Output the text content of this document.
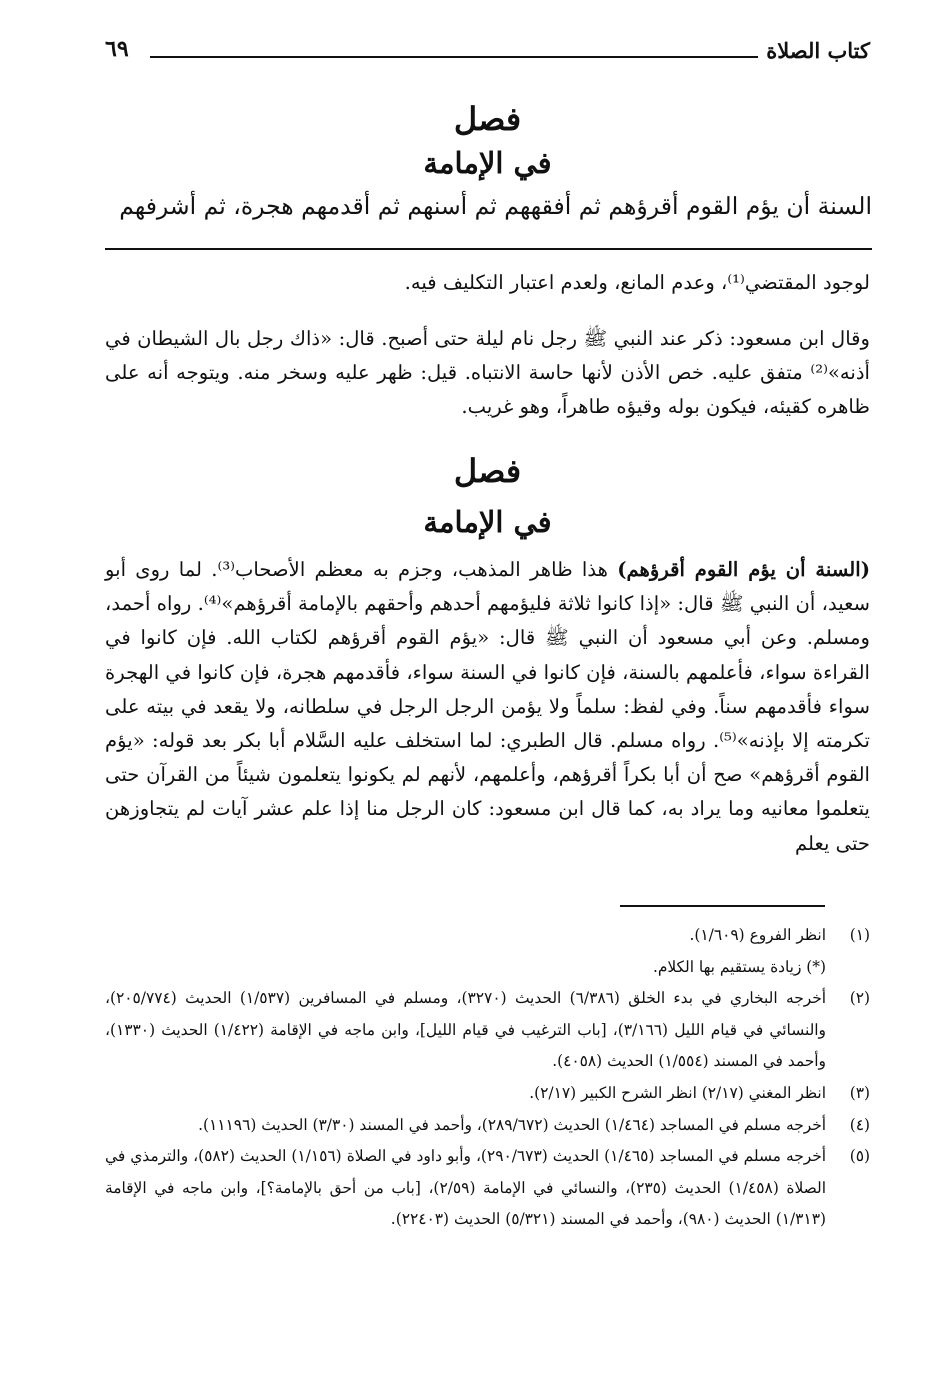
كتاب الصلاة
٦٩
فصل
في الإمامة
السنة أن يؤم القوم أقرؤهم ثم أفقههم ثم أسنهم ثم أقدمهم هجرة، ثم أشرفهم

لوجود المقتضي⁽¹⁾، وعدم المانع، ولعدم اعتبار التكليف فيه.

وقال ابن مسعود: ذكر عند النبي ﷺ رجل نام ليلة حتى أصبح. قال: «ذاك رجل بال الشيطان في أذنه»⁽²⁾ متفق عليه. خص الأذن لأنها حاسة الانتباه. قيل: ظهر عليه وسخر منه. ويتوجه أنه على ظاهره كقيئه، فيكون بوله وقيؤه طاهراً، وهو غريب.

فصل
في الإمامة

(السنة أن يؤم القوم أقرؤهم) هذا ظاهر المذهب، وجزم به معظم الأصحاب⁽³⁾. لما روى أبو سعيد، أن النبي ﷺ قال: «إذا كانوا ثلاثة فليؤمهم أحدهم وأحقهم بالإمامة أقرؤهم»⁽⁴⁾. رواه أحمد، ومسلم. وعن أبي مسعود أن النبي ﷺ قال: «يؤم القوم أقرؤهم لكتاب الله. فإن كانوا في القراءة سواء، فأعلمهم بالسنة، فإن كانوا في السنة سواء، فأقدمهم هجرة، فإن كانوا في الهجرة سواء فأقدمهم سناً. وفي لفظ: سلماً ولا يؤمن الرجل الرجل في سلطانه، ولا يقعد في بيته على تكرمته إلا بإذنه»⁽⁵⁾. رواه مسلم. قال الطبري: لما استخلف عليه السَّلام أبا بكر بعد قوله: «يؤم القوم أقرؤهم» صح أن أبا بكراً أقرؤهم، وأعلمهم، لأنهم لم يكونوا يتعلمون شيئاً من القرآن حتى يتعلموا معانيه وما يراد به، كما قال ابن مسعود: كان الرجل منا إذا علم عشر آيات لم يتجاوزهن حتى يعلم

(١)
انظر الفروع (١/٦٠٩).
(*) زيادة يستقيم بها الكلام.
(٢)
أخرجه البخاري في بدء الخلق (٦/٣٨٦) الحديث (٣٢٧٠)، ومسلم في المسافرين (١/٥٣٧) الحديث (٢٠٥/٧٧٤)، والنسائي في قيام الليل (٣/١٦٦)، [باب الترغيب في قيام الليل]، وابن ماجه في الإقامة (١/٤٢٢) الحديث (١٣٣٠)، وأحمد في المسند (١/٥٥٤) الحديث (٤٠٥٨).
(٣)
انظر المغني (٢/١٧) انظر الشرح الكبير (٢/١٧).
(٤)
أخرجه مسلم في المساجد (١/٤٦٤) الحديث (٢٨٩/٦٧٢)، وأحمد في المسند (٣/٣٠) الحديث (١١١٩٦).
(٥)
أخرجه مسلم في المساجد (١/٤٦٥) الحديث (٢٩٠/٦٧٣)، وأبو داود في الصلاة (١/١٥٦) الحديث (٥٨٢)، والترمذي في الصلاة (١/٤٥٨) الحديث (٢٣٥)، والنسائي في الإمامة (٢/٥٩)، [باب من أحق بالإمامة؟]، وابن ماجه في الإقامة (١/٣١٣) الحديث (٩٨٠)، وأحمد في المسند (٥/٣٢١) الحديث (٢٢٤٠٣).
